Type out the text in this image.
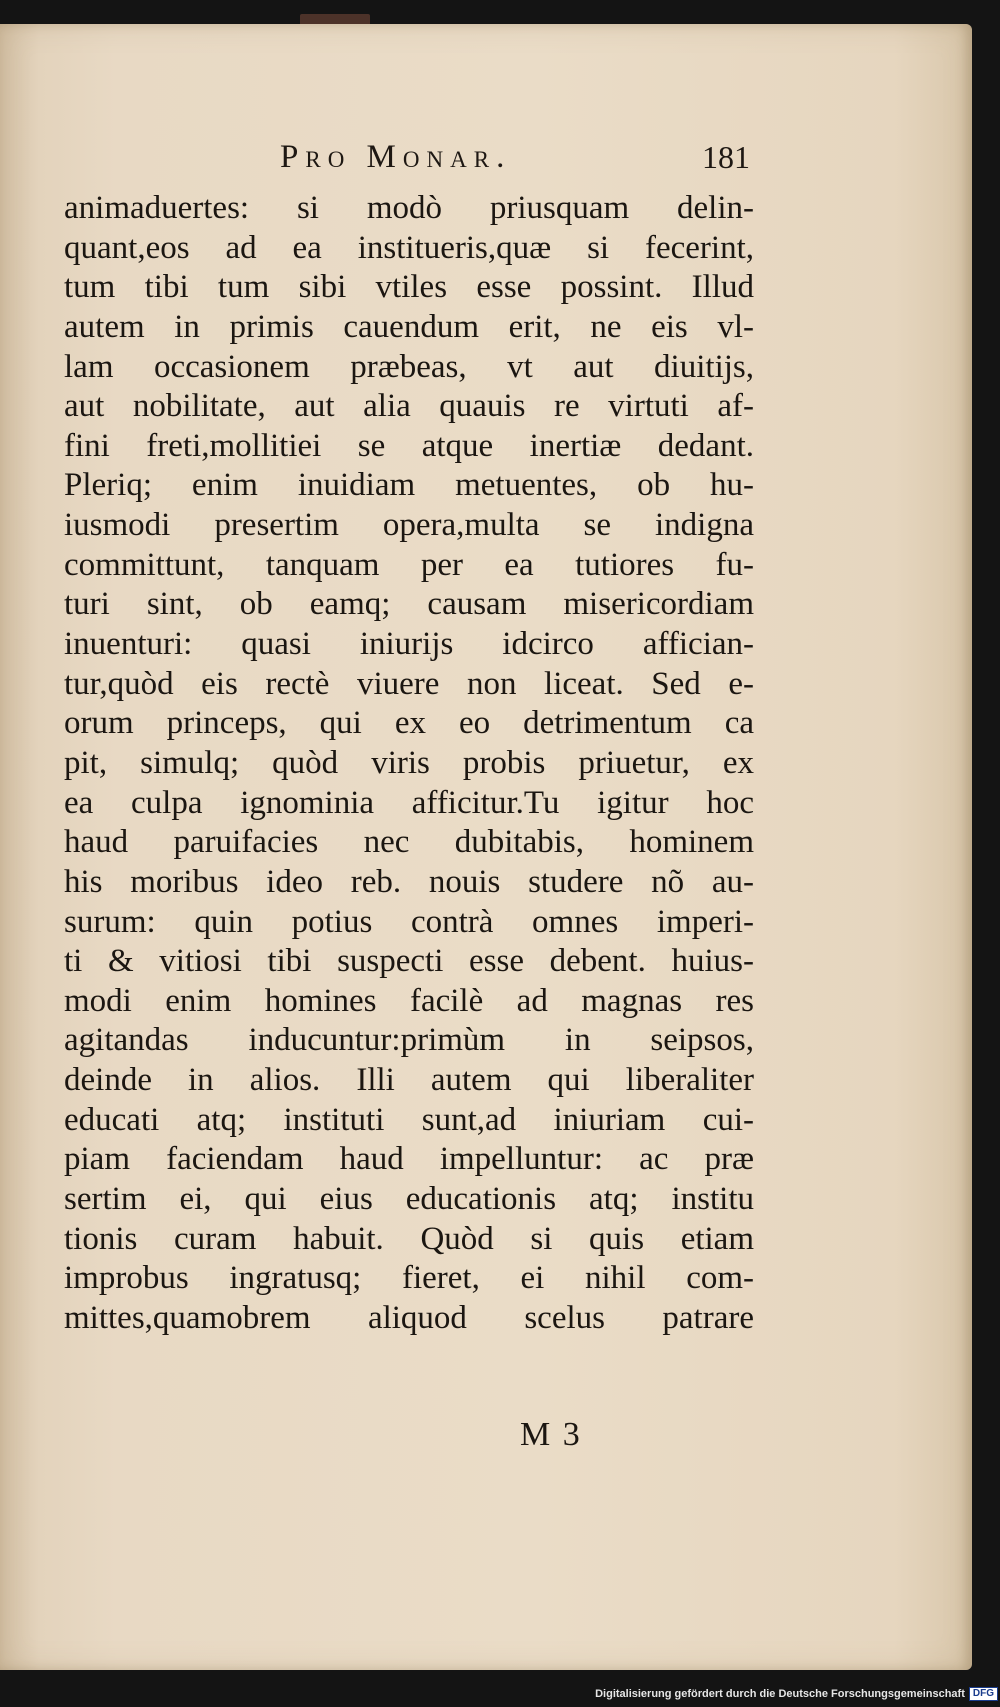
Pro Monar.	181
animaduertes: si modò priusquam delin-
quant,eos ad ea institueris,quæ si fecerint,
tum tibi tum sibi vtiles esse possint. Illud
autem in primis cauendum erit, ne eis vl-
lam occasionem præbeas, vt aut diuitijs,
aut nobilitate, aut alia quauis re virtuti af-
fini freti,mollitiei se atque inertiæ dedant.
Pleriq; enim inuidiam metuentes, ob hu-
iusmodi presertim opera,multa se indigna
committunt, tanquam per ea tutiores fu-
turi sint, ob eamq; causam misericordiam
inuenturi: quasi iniurijs idcirco affician-
tur,quòd eis rectè viuere non liceat. Sed e-
orum princeps, qui ex eo detrimentum ca
pit, simulq; quòd viris probis priuetur, ex
ea culpa ignominia afficitur.Tu igitur hoc
haud paruifacies nec dubitabis, hominem
his moribus ideo reb. nouis studere nõ au-
surum: quin potius contrà omnes imperi-
ti & vitiosi tibi suspecti esse debent. huius-
modi enim homines facilè ad magnas res
agitandas inducuntur:primùm in seipsos,
deinde in alios. Illi autem qui liberaliter
educati atq; instituti sunt,ad iniuriam cui-
piam faciendam haud impelluntur: ac præ
sertim ei, qui eius educationis atq; institu
tionis curam habuit. Quòd si quis etiam
improbus ingratusq; fieret, ei nihil com-
mittes,quamobrem aliquod scelus patrare
M 3
Digitalisierung gefördert durch die Deutsche Forschungsgemeinschaft DFG
